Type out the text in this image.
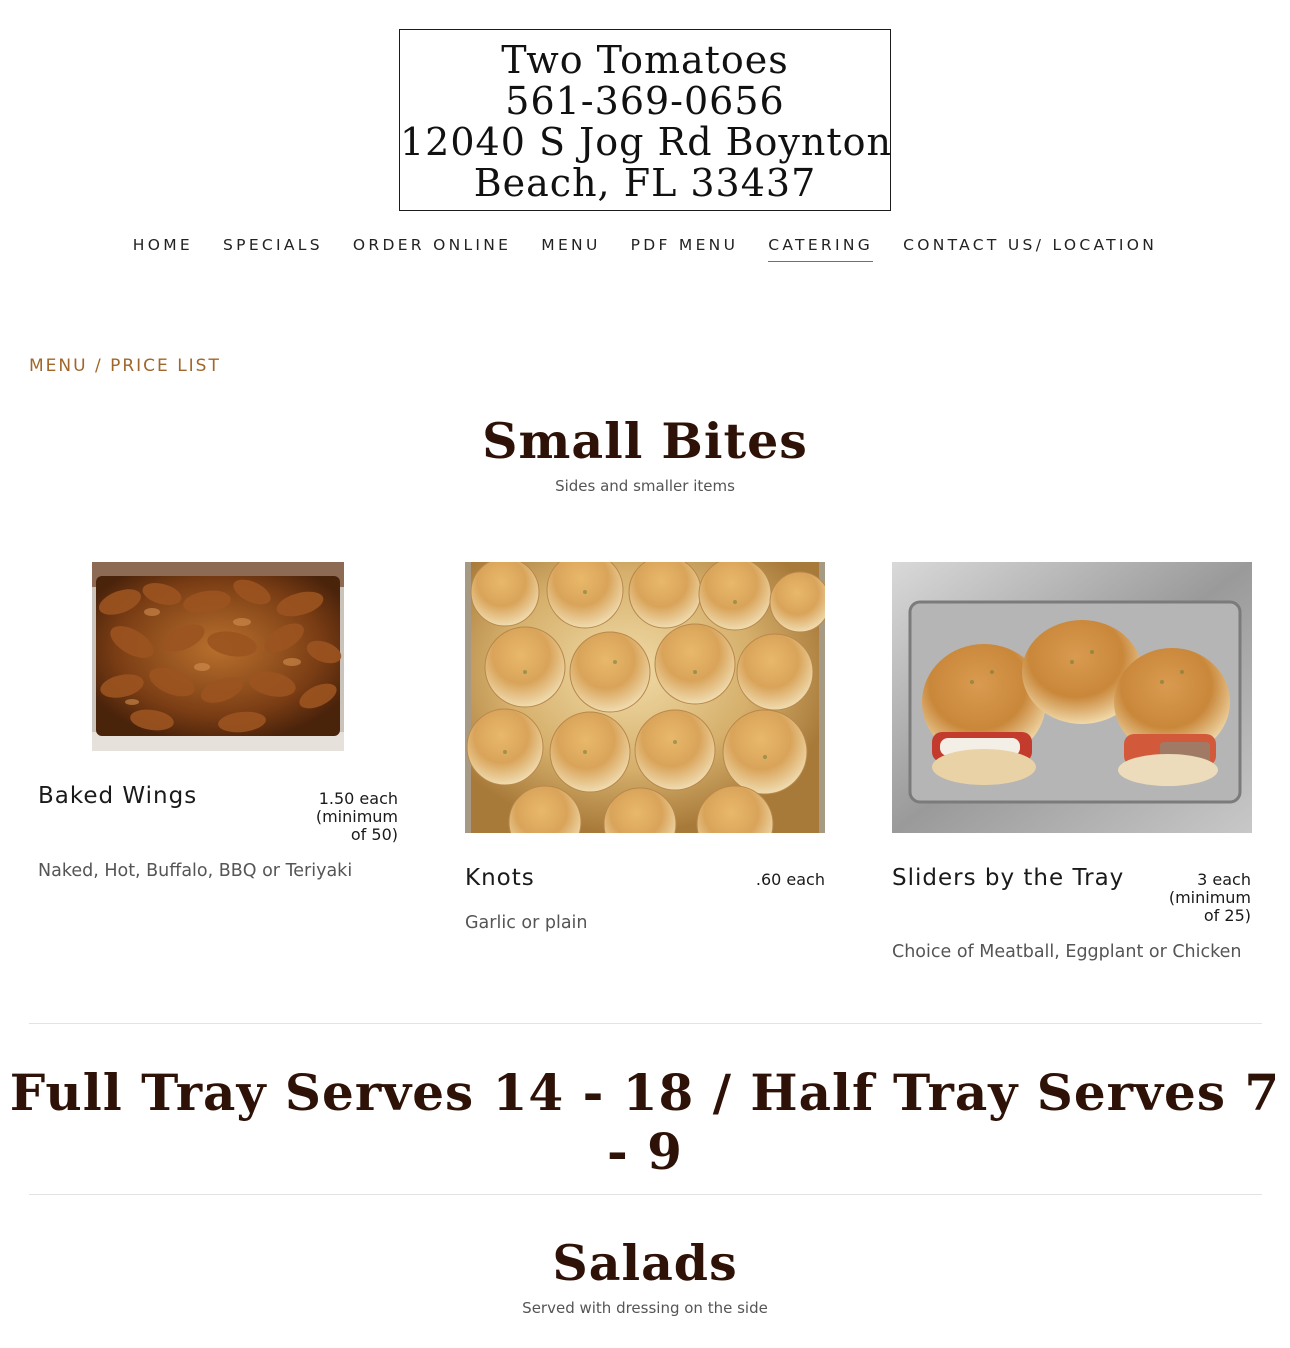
Two Tomatoes
561-369-0656
12040 S Jog Rd Boynton
Beach, FL 33437
HOME SPECIALS ORDER ONLINE MENU PDF MENU CATERING CONTACT US/ LOCATION
MENU / PRICE LIST
Small Bites
Sides and smaller items
Baked Wings	1.50 each
(minimum
of 50)
Naked, Hot, Buffalo, BBQ or Teriyaki	Knots	.60 each
Garlic or plain
Sliders by the Tray	3 each
(minimum
of 25)
Choice of Meatball, Eggplant or Chicken
Full Tray Serves 14 - 18 / Half Tray Serves 7 - 9
Salads
Served with dressing on the side
